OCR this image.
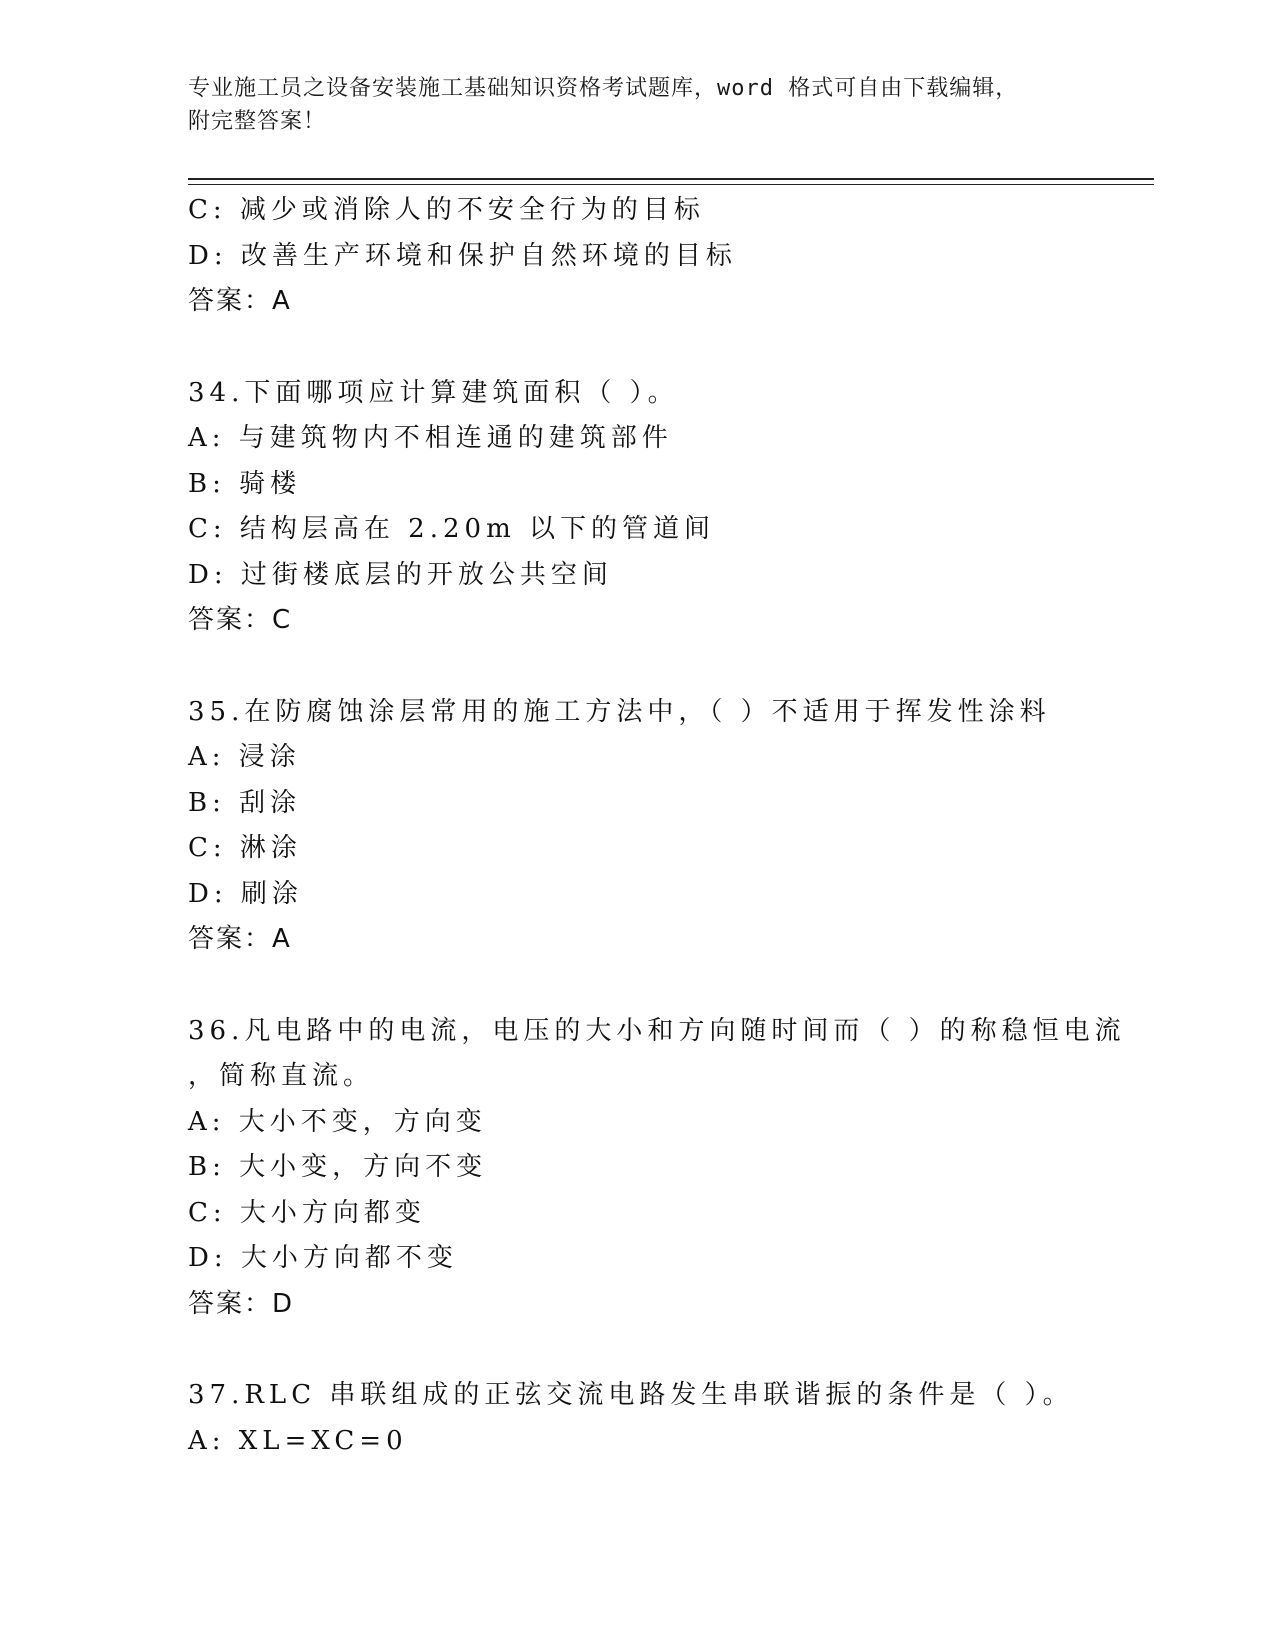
专业施工员之设备安装施工基础知识资格考试题库，word 格式可自由下载编辑，
附完整答案！
C: 减少或消除人的不安全行为的目标
D: 改善生产环境和保护自然环境的目标
答案：A
34.下面哪项应计算建筑面积（ ）。
A: 与建筑物内不相连通的建筑部件
B: 骑楼
C: 结构层高在 2.20m 以下的管道间
D: 过街楼底层的开放公共空间
答案：C
35.在防腐蚀涂层常用的施工方法中，（ ）不适用于挥发性涂料
A: 浸涂
B: 刮涂
C: 淋涂
D: 刷涂
答案：A
36.凡电路中的电流，电压的大小和方向随时间而（ ）的称稳恒电流
，简称直流。
A: 大小不变，方向变
B: 大小变，方向不变
C: 大小方向都变
D: 大小方向都不变
答案：D
37.RLC 串联组成的正弦交流电路发生串联谐振的条件是（ ）。
A: XL=XC=0
